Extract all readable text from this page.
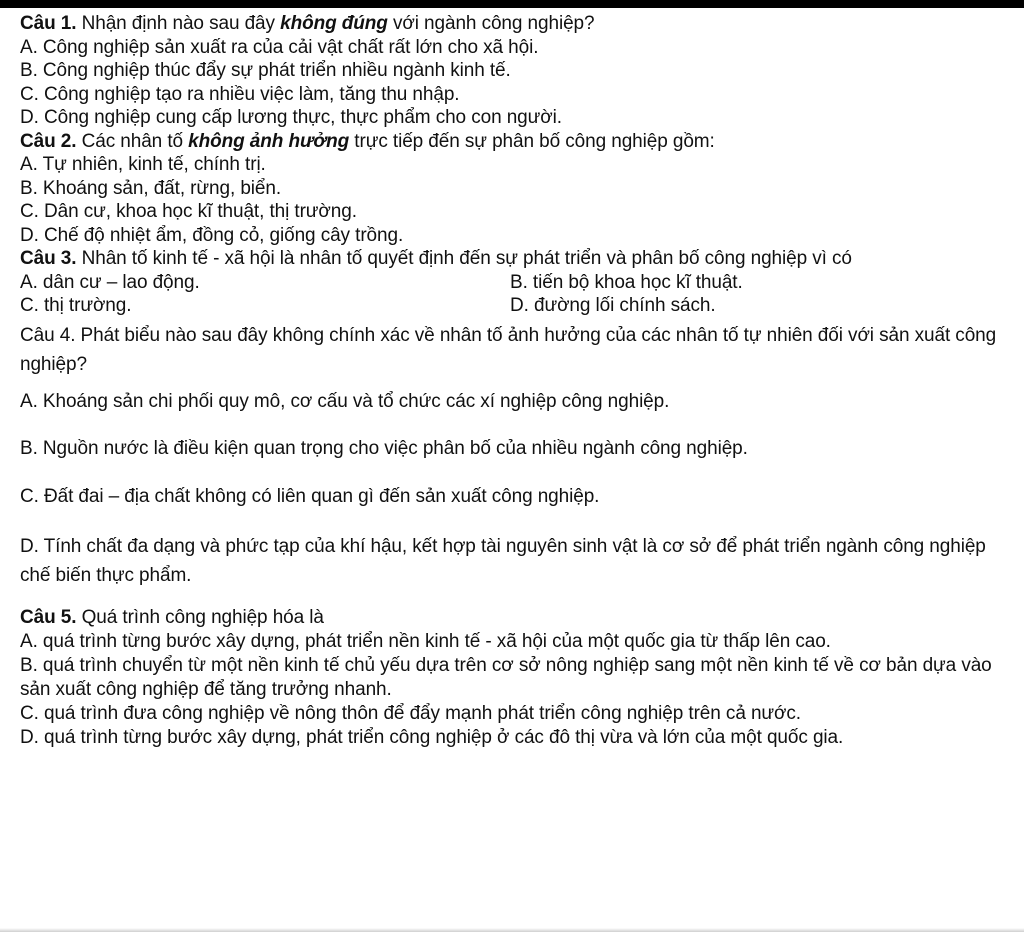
Câu 1. Nhận định nào sau đây không đúng với ngành công nghiệp?
A. Công nghiệp sản xuất ra của cải vật chất rất lớn cho xã hội.
B. Công nghiệp thúc đẩy sự phát triển nhiều ngành kinh tế.
C. Công nghiệp tạo ra nhiều việc làm, tăng thu nhập.
D. Công nghiệp cung cấp lương thực, thực phẩm cho con người.
Câu 2. Các nhân tố không ảnh hưởng trực tiếp đến sự phân bố công nghiệp gồm:
A. Tự nhiên, kinh tế, chính trị.
B. Khoáng sản, đất, rừng, biển.
C. Dân cư, khoa học kĩ thuật, thị trường.
D. Chế độ nhiệt ẩm, đồng cỏ, giống cây trồng.
Câu 3. Nhân tố kinh tế - xã hội là nhân tố quyết định đến sự phát triển và phân bố công nghiệp vì có
A. dân cư – lao động.	B. tiến bộ khoa học kĩ thuật.
C. thị trường.	D. đường lối chính sách.
Câu 4. Phát biểu nào sau đây không chính xác về nhân tố ảnh hưởng của các nhân tố tự nhiên đối với sản xuất công nghiệp?
A. Khoáng sản chi phối quy mô, cơ cấu và tổ chức các xí nghiệp công nghiệp.
B. Nguồn nước là điều kiện quan trọng cho việc phân bố của nhiều ngành công nghiệp.
C. Đất đai – địa chất không có liên quan gì đến sản xuất công nghiệp.
D. Tính chất đa dạng và phức tạp của khí hậu, kết hợp tài nguyên sinh vật là cơ sở để phát triển ngành công nghiệp chế biến thực phẩm.
Câu 5. Quá trình công nghiệp hóa là
A. quá trình từng bước xây dựng, phát triển nền kinh tế - xã hội của một quốc gia từ thấp lên cao.
B. quá trình chuyển từ một nền kinh tế chủ yếu dựa trên cơ sở nông nghiệp sang một nền kinh tế về cơ bản dựa vào sản xuất công nghiệp để tăng trưởng nhanh.
C. quá trình đưa công nghiệp về nông thôn để đẩy mạnh phát triển công nghiệp trên cả nước.
D. quá trình từng bước xây dựng, phát triển công nghiệp ở các đô thị vừa và lớn của một quốc gia.
